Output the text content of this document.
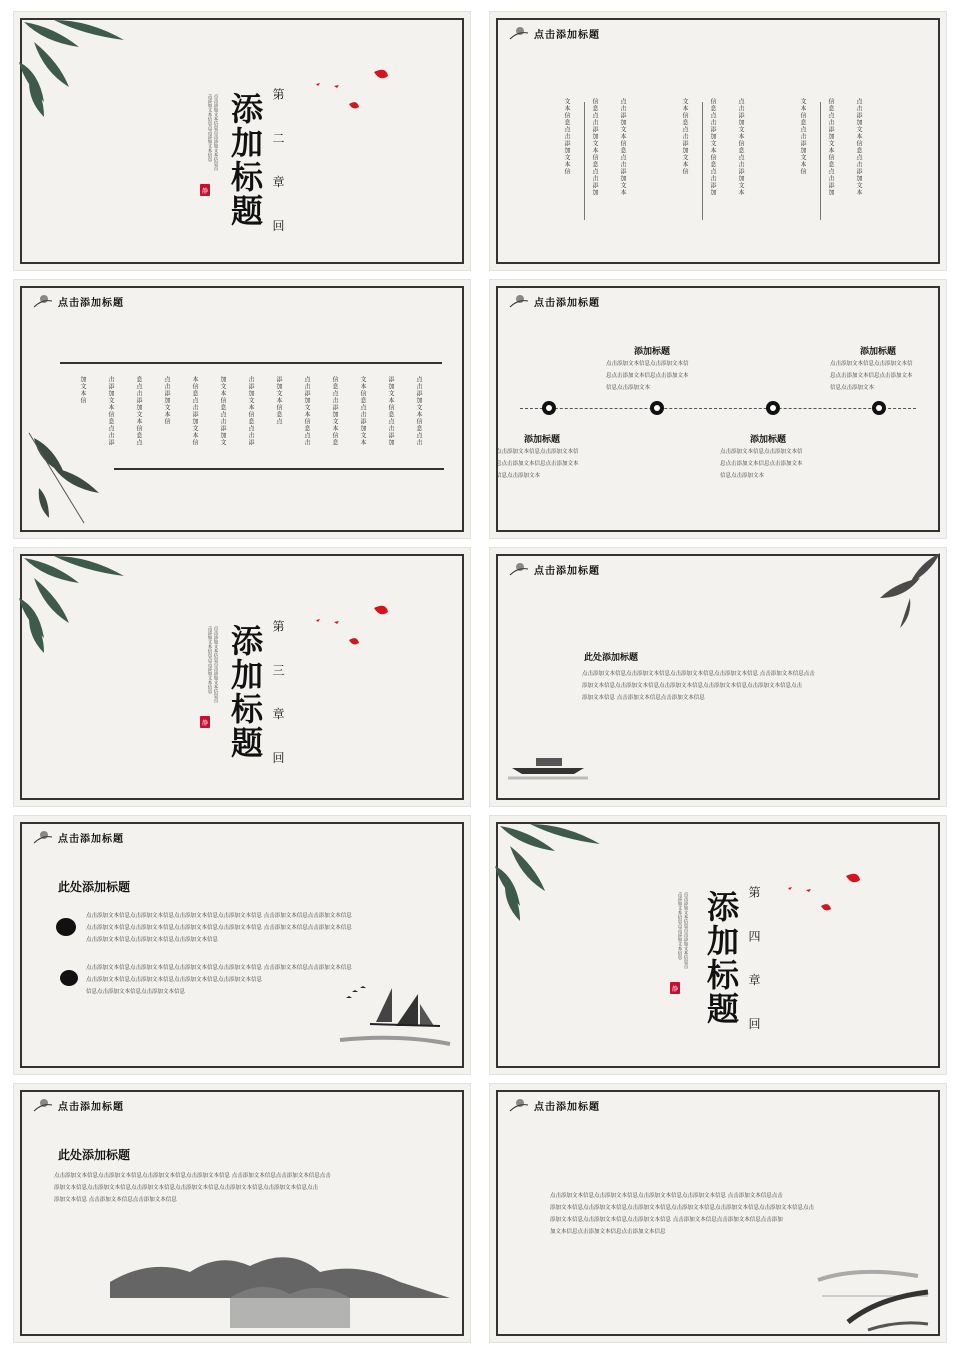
添加标题 第 二 章 回
点击添加文本信息点击添加文本信息点击添加文本信息点击添加文本信息
静
点击添加标题
文本信息点击添加文本信	信息点击添加文本信息点击添加	点击添加文本信息点击添加文本	文本信息点击添加文本信	信息点击添加文本信息点击添加	点击添加文本信息点击添加文本	文本信息点击添加文本信	信息点击添加文本信息点击添加	点击添加文本信息点击添加文本
点击添加标题
加文本信	击添加文本信息点击添	息点击添加文本信息点	点击添加文本信	本信息点击添加文本信	加文本信息点击添加文	击添加文本信息点击添	添加文本信息点	点击添加文本信息点击	信息点击添加文本信息	文本信息点击添加文本	添加文本信息点击添加	点击添加文本信息点击
点击添加标题
添加标题
点击添加文本信息点击添加文本信
息点击添加文本信息点击添加文本
信息点击添加文本
添加标题
点击添加文本信息点击添加文本信
息点击添加文本信息点击添加文本
信息点击添加文本
添加标题
点击添加文本信息点击添加文本信
息点击添加文本信息点击添加文本
信息点击添加文本
添加标题
点击添加文本信息点击添加文本信
息点击添加文本信息点击添加文本
信息点击添加文本
添加标题 第 三 章 回
点击添加文本信息点击添加文本信息点击添加文本信息点击添加文本信息
静
点击添加标题
此处添加标题
点击添加文本信息点击添加文本信息点击添加文本信息点击添加文本信息 点击添加文本信息点击
添加文本信息点击添加文本信息点击添加文本信息点击添加文本信息点击添加文本信息点击
添加文本信息 点击添加文本信息点击添加文本信息
点击添加标题
此处添加标题
点击添加文本信息点击添加文本信息点击添加文本信息点击添加文本信息 点击添加文本信息点击添加文本信息
点击添加文本信息点击添加文本信息点击添加文本信息点击添加文本信息 点击添加文本信息点击添加文本信息
点击添加文本信息点击添加文本信息点击添加文本信息
点击添加文本信息点击添加文本信息点击添加文本信息点击添加文本信息 点击添加文本信息点击添加文本信息
点击添加文本信息点击添加文本信息点击添加文本信息点击添加文本信息
信息点击添加文本信息点击添加文本信息	添加标题 第 四 章 回
点击添加文本信息点击添加文本信息点击添加文本信息点击添加文本信息
静
点击添加标题
此处添加标题
点击添加文本信息点击添加文本信息点击添加文本信息点击添加文本信息 点击添加文本信息点击添加文本信息点击
添加文本信息点击添加文本信息点击添加文本信息点击添加文本信息点击添加文本信息点击添加文本信息点击
添加文本信息 点击添加文本信息点击添加文本信息
点击添加标题
点击添加文本信息点击添加文本信息点击添加文本信息点击添加文本信息 点击添加文本信息点击
添加文本信息点击添加文本信息点击添加文本信息点击添加文本信息点击添加文本信息点击添加文本信息点击
添加文本信息点击添加文本信息点击添加文本信息 点击添加文本信息点击添加文本信息点击添加
加文本信息点击添加文本信息点击添加文本信息
